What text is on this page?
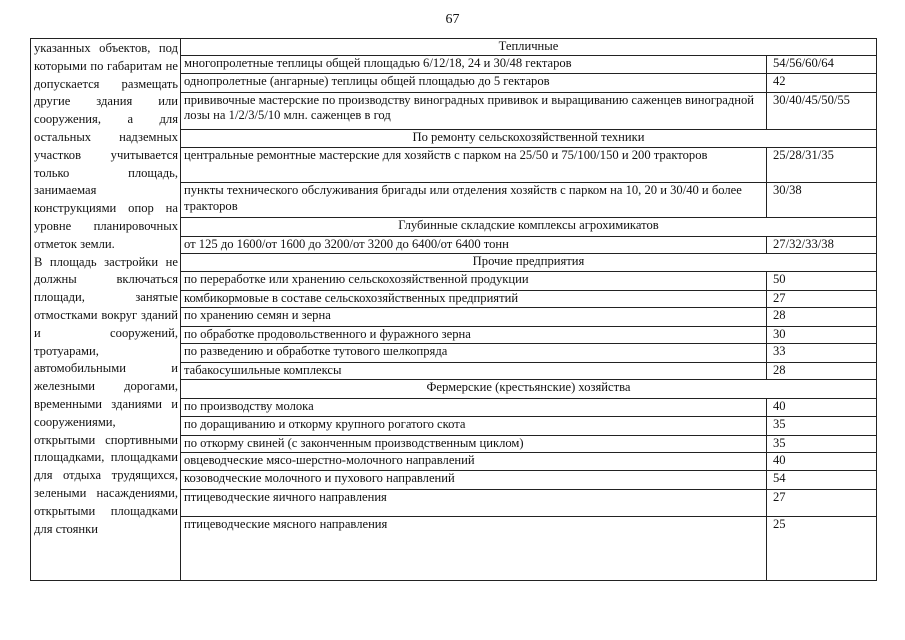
67

указанных объектов, под которыми по габаритам не допускается размещать другие здания или сооружения, а для остальных надземных участков учитывается только площадь, занимаемая конструкциями опор на уровне планировочных отметок земли.

В площадь застройки не должны включаться площади, занятые отмостками вокруг зданий и сооружений, тротуарами, автомобильными и железными дорогами, временными зданиями и сооружениями, открытыми спортивными площадками, площадками для отдыха трудящихся, зелеными насаждениями, открытыми площадками для стоянки

Тепличные	
многопролетные теплицы общей площадью 6/12/18, 24 и 30/48 гектаров	54/56/60/64
однопролетные (ангарные) теплицы общей площадью до 5 гектаров	42
прививочные мастерские по производству виноградных прививок и выращиванию саженцев виноградной лозы на 1/2/3/5/10 млн. саженцев в год	30/40/45/50/55
По ремонту сельскохозяйственной техники	
центральные ремонтные мастерские для хозяйств с парком на 25/50 и 75/100/150 и 200 тракторов	25/28/31/35
пункты технического обслуживания бригады или отделения хозяйств с парком на 10, 20 и 30/40 и более тракторов	30/38
Глубинные складские комплексы агрохимикатов	
от 125 до 1600/от 1600 до 3200/от 3200 до 6400/от 6400 тонн	27/32/33/38
Прочие предприятия	
по переработке или хранению сельскохозяйственной продукции	50
комбикормовые в составе сельскохозяйственных предприятий	27
по хранению семян и зерна	28
по обработке продовольственного и фуражного зерна	30
по разведению и обработке тутового шелкопряда	33
табакосушильные комплексы	28
Фермерские (крестьянские) хозяйства	
по производству молока	40
по доращиванию и откорму крупного рогатого скота	35
по откорму свиней (с законченным производственным циклом)	35
овцеводческие мясо-шерстно-молочного направлений	40
козоводческие молочного и пухового направлений	54
птицеводческие яичного направления	27
птицеводческие мясного направления	25
